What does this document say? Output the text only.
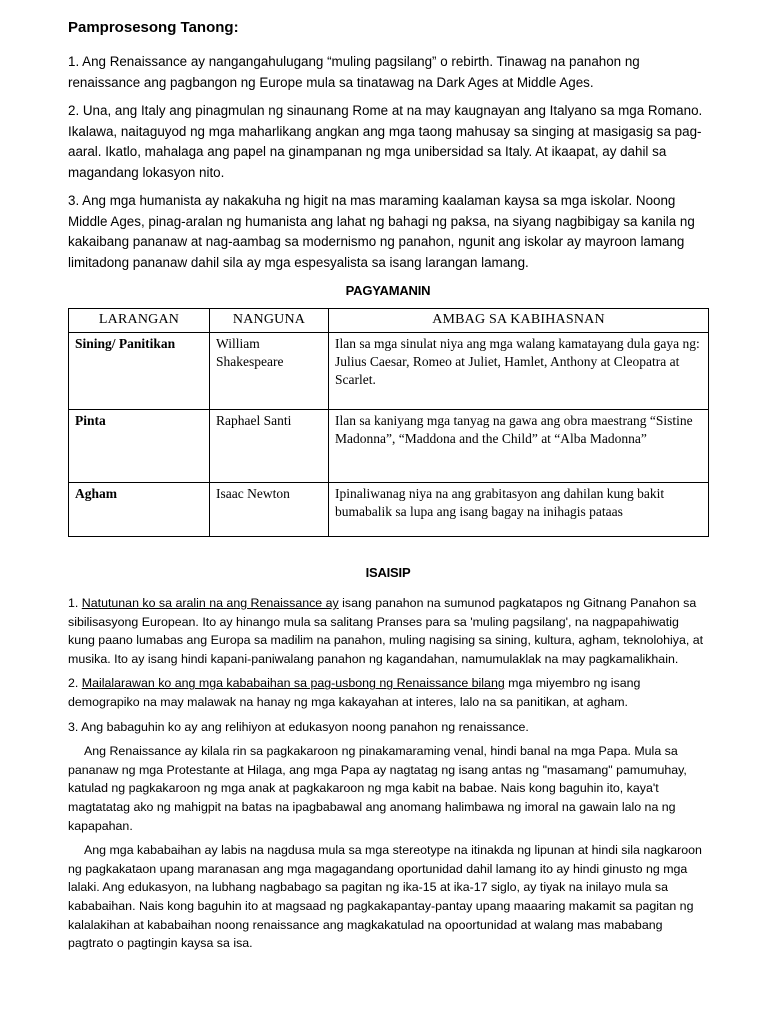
Pamprosesong Tanong:

1. Ang Renaissance ay nangangahulugang “muling pagsilang” o rebirth. Tinawag na panahon ng renaissance ang pagbangon ng Europe mula sa tinatawag na Dark Ages at Middle Ages.

2. Una, ang Italy ang pinagmulan ng sinaunang Rome at na may kaugnayan ang Italyano sa mga Romano. Ikalawa, naitaguyod ng mga maharlikang angkan ang mga taong mahusay sa singing at masigasig sa pag-aaral. Ikatlo, mahalaga ang papel na ginampanan ng mga unibersidad sa Italy. At ikaapat, ay dahil sa magandang lokasyon nito.

3. Ang mga humanista ay nakakuha ng higit na mas maraming kaalaman kaysa sa mga iskolar. Noong Middle Ages, pinag-aralan ng humanista ang lahat ng bahagi ng paksa, na siyang nagbibigay sa kanila ng kakaibang pananaw at nag-aambag sa modernismo ng panahon, ngunit ang iskolar ay mayroon lamang limitadong pananaw dahil sila ay mga espesyalista sa isang larangan lamang.

PAGYAMANIN
LARANGAN	NANGUNA	AMBAG SA KABIHASNAN
Sining/ Panitikan	William Shakespeare	Ilan sa mga sinulat niya ang mga walang kamatayang dula gaya ng: Julius Caesar, Romeo at Juliet, Hamlet, Anthony at Cleopatra at Scarlet.
Pinta	Raphael Santi	Ilan sa kaniyang mga tanyag na gawa ang obra maestrang “Sistine Madonna”, “Maddona and the Child” at “Alba Madonna”
Agham	Isaac Newton	Ipinaliwanag niya na ang grabitasyon ang dahilan kung bakit bumabalik sa lupa ang isang bagay na inihagis pataas
ISAISIP

1. Natutunan ko sa aralin na ang Renaissance ay isang panahon na sumunod pagkatapos ng Gitnang Panahon sa sibilisasyong European. Ito ay hinango mula sa salitang Pranses para sa 'muling pagsilang', na nagpapahiwatig kung paano lumabas ang Europa sa madilim na panahon, muling nagising sa sining, kultura, agham, teknolohiya, at musika. Ito ay isang hindi kapani-paniwalang panahon ng kagandahan, namumulaklak na may pagkamalikhain.

2. Mailalarawan ko ang mga kababaihan sa pag-usbong ng Renaissance bilang mga miyembro ng isang demograpiko na may malawak na hanay ng mga kakayahan at interes, lalo na sa panitikan, at agham.

3. Ang babaguhin ko ay ang relihiyon at edukasyon noong panahon ng renaissance.

Ang Renaissance ay kilala rin sa pagkakaroon ng pinakamaraming venal, hindi banal na mga Papa. Mula sa pananaw ng mga Protestante at Hilaga, ang mga Papa ay nagtatag ng isang antas ng "masamang" pamumuhay, katulad ng pagkakaroon ng mga anak at pagkakaroon ng mga kabit na babae. Nais kong baguhin ito, kaya't magtatatag ako ng mahigpit na batas na ipagbabawal ang anomang halimbawa ng imoral na gawain lalo na ng kapapahan.

Ang mga kababaihan ay labis na nagdusa mula sa mga stereotype na itinakda ng lipunan at hindi sila nagkaroon ng pagkakataon upang maranasan ang mga magagandang oportunidad dahil lamang ito ay hindi ginusto ng mga lalaki. Ang edukasyon, na lubhang nagbabago sa pagitan ng ika-15 at ika-17 siglo, ay tiyak na inilayo mula sa kababaihan. Nais kong baguhin ito at magsaad ng pagkakapantay-pantay upang maaaring makamit sa pagitan ng kalalakihan at kababaihan noong renaissance ang magkakatulad na opoortunidad at walang mas mababang pagtrato o pagtingin kaysa sa isa.
